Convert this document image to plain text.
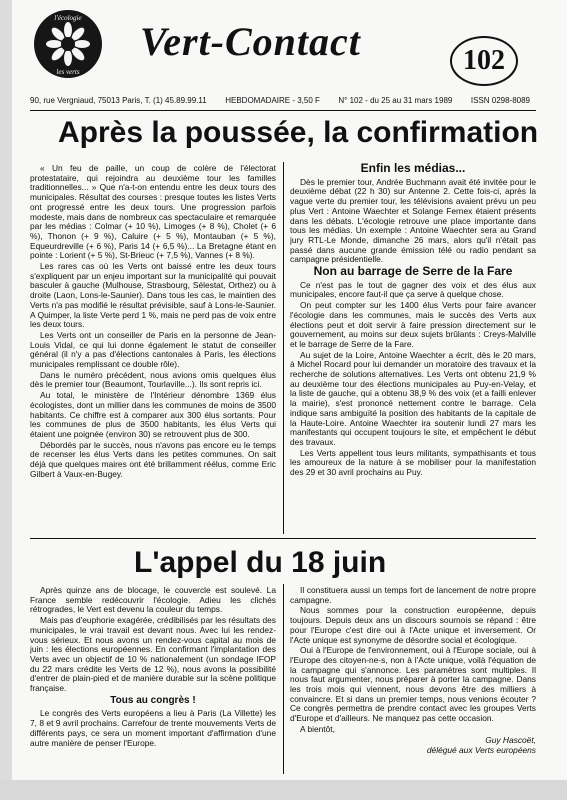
l'écologie
les verts
Vert-Contact	102
90, rue Vergniaud, 75013 Paris, T. (1) 45.89.99.11 HEBDOMADAIRE - 3,50 F N° 102 - du 25 au 31 mars 1989 ISSN 0298-8089
Après la poussée, la confirmation

« Un feu de paille, un coup de colère de l'électorat protestataire, qui rejoindra au deuxième tour les familles traditionnelles... » Que n'a-t-on entendu entre les deux tours des municipales. Résultat des courses : presque toutes les listes Verts ont progressé entre les deux tours. Une progression parfois modeste, mais dans de nombreux cas spectaculaire et remarquée par les médias : Colmar (+ 10 %), Limoges (+ 8 %), Cholet (+ 6 %), Thonon (+ 9 %), Caluire (+ 5 %), Montauban (+ 5 %), Equeurdreville (+ 6 %), Paris 14 (+ 6,5 %)... La Bretagne étant en pointe : Lorient (+ 5 %), St-Brieuc (+ 7,5 %), Vannes (+ 8 %).

Les rares cas où les Verts ont baissé entre les deux tours s'expliquent par un enjeu important sur la municipalité qui pouvait basculer à gauche (Mulhouse, Strasbourg, Sélestat, Orthez) ou à droite (Laon, Lons-le-Saunier). Dans tous les cas, le maintien des Verts n'a pas modifié le résultat prévisible, sauf à Lons-le-Saunier. A Quimper, la liste Verte perd 1 %, mais ne perd pas de voix entre les deux tours.

Les Verts ont un conseiller de Paris en la personne de Jean-Louis Vidal, ce qui lui donne également le statut de conseiller général (il n'y a pas d'élections cantonales à Paris, les élections municipales remplissant ce double rôle).

Dans le numéro précédent, nous avions omis quelques élus dès le premier tour (Beaumont, Tourlaville...). Ils sont repris ici.

Au total, le ministère de l'Intérieur dénombre 1369 élus écologistes, dont un millier dans les communes de moins de 3500 habitants. Ce chiffre est à comparer aux 300 élus sortants. Pour les communes de plus de 3500 habitants, les élus Verts qui étaient une poignée (environ 30) se retrouvent plus de 300.

Débordés par le succès, nous n'avons pas encore eu le temps de recenser les élus Verts dans les petites communes. On sait déjà que quelques maires ont été brillamment réélus, comme Eric Gilbert à Vaux-en-Bugey.

Enfin les médias...

Dès le premier tour, Andrée Buchmann avait été invitée pour le deuxième débat (22 h 30) sur Antenne 2. Cette fois-ci, après la vague verte du premier tour, les télévisions avaient prévu un peu plus Vert : Antoine Waechter et Solange Fernex étaient présents dans les débats. L'écologie retrouve une place importante dans tous les médias. Un exemple : Antoine Waechter sera au Grand jury RTL-Le Monde, dimanche 26 mars, alors qu'il n'était pas passé dans aucune grande émission télé ou radio pendant sa campagne présidentielle.

Non au barrage de Serre de la Fare

Ce n'est pas le tout de gagner des voix et des élus aux municipales, encore faut-il que ça serve à quelque chose.

On peut compter sur les 1400 élus Verts pour faire avancer l'écologie dans les communes, mais le succès des Verts aux élections peut et doit servir à faire pression directement sur le gouvernement, au moins sur deux sujets brûlants : Creys-Malville et le barrage de Serre de la Fare.

Au sujet de la Loire, Antoine Waechter a écrit, dès le 20 mars, à Michel Rocard pour lui demander un moratoire des travaux et la recherche de solutions alternatives. Les Verts ont obtenu 21,9 % au deuxième tour des élections municipales au Puy-en-Velay, et la liste de gauche, qui a obtenu 38,9 % des voix (et a failli enlever la mairie), s'est prononcé nettement contre le barrage. Cela indique sans ambiguïté la position des habitants de la capitale de la Haute-Loire. Antoine Waechter ira soutenir lundi 27 mars les manifestants qui occupent toujours le site, et empêchent le début des travaux.

Les Verts appellent tous leurs militants, sympathisants et tous les amoureux de la nature à se mobiliser pour la manifestation des 29 et 30 avril prochains au Puy.

L'appel du 18 juin

Après quinze ans de blocage, le couvercle est soulevé. La France semble redécouvrir l'écologie. Adieu les clichés rétrogrades, le Vert est devenu la couleur du temps.

Mais pas d'euphorie exagérée, crédibilisés par les résultats des municipales, le vrai travail est devant nous. Avec lui les rendez-vous sérieux. Et nous avons un rendez-vous capital au mois de juin : les élections européennes. En confirmant l'implantation des Verts avec un objectif de 10 % nationalement (un sondage IFOP du 22 mars crédite les Verts de 12 %), nous avons la possibilité d'entrer de plain-pied et de manière durable sur la scène politique française.

Tous au congrès !

Le congrès des Verts européens a lieu à Paris (La Villette) les 7, 8 et 9 avril prochains. Carrefour de trente mouvements Verts de différents pays, ce sera un moment important d'affirmation d'une autre manière de penser l'Europe.

Il constituera aussi un temps fort de lancement de notre propre campagne.

Nous sommes pour la construction européenne, depuis toujours. Depuis deux ans un discours sournois se répand : être pour l'Europe c'est dire oui à l'Acte unique et inversement. Or l'Acte unique est synonyme de désordre social et écologique.

Oui à l'Europe de l'environnement, oui à l'Europe sociale, oui à l'Europe des citoyen-ne-s, non à l'Acte unique, voilà l'équation de la campagne qui s'annonce. Les paramètres sont multiples. Il nous faut argumenter, nous préparer à porter la campagne. Dans les trois mois qui viennent, nous devons être des milliers à convaincre. Et si dans un premier temps, nous venions écouter ? Ce congrès permettra de prendre contact avec les groupes Verts d'Europe et d'ailleurs. Ne manquez pas cette occasion.

A bientôt,

Guy Hascoët,

délégué aux Verts européens
